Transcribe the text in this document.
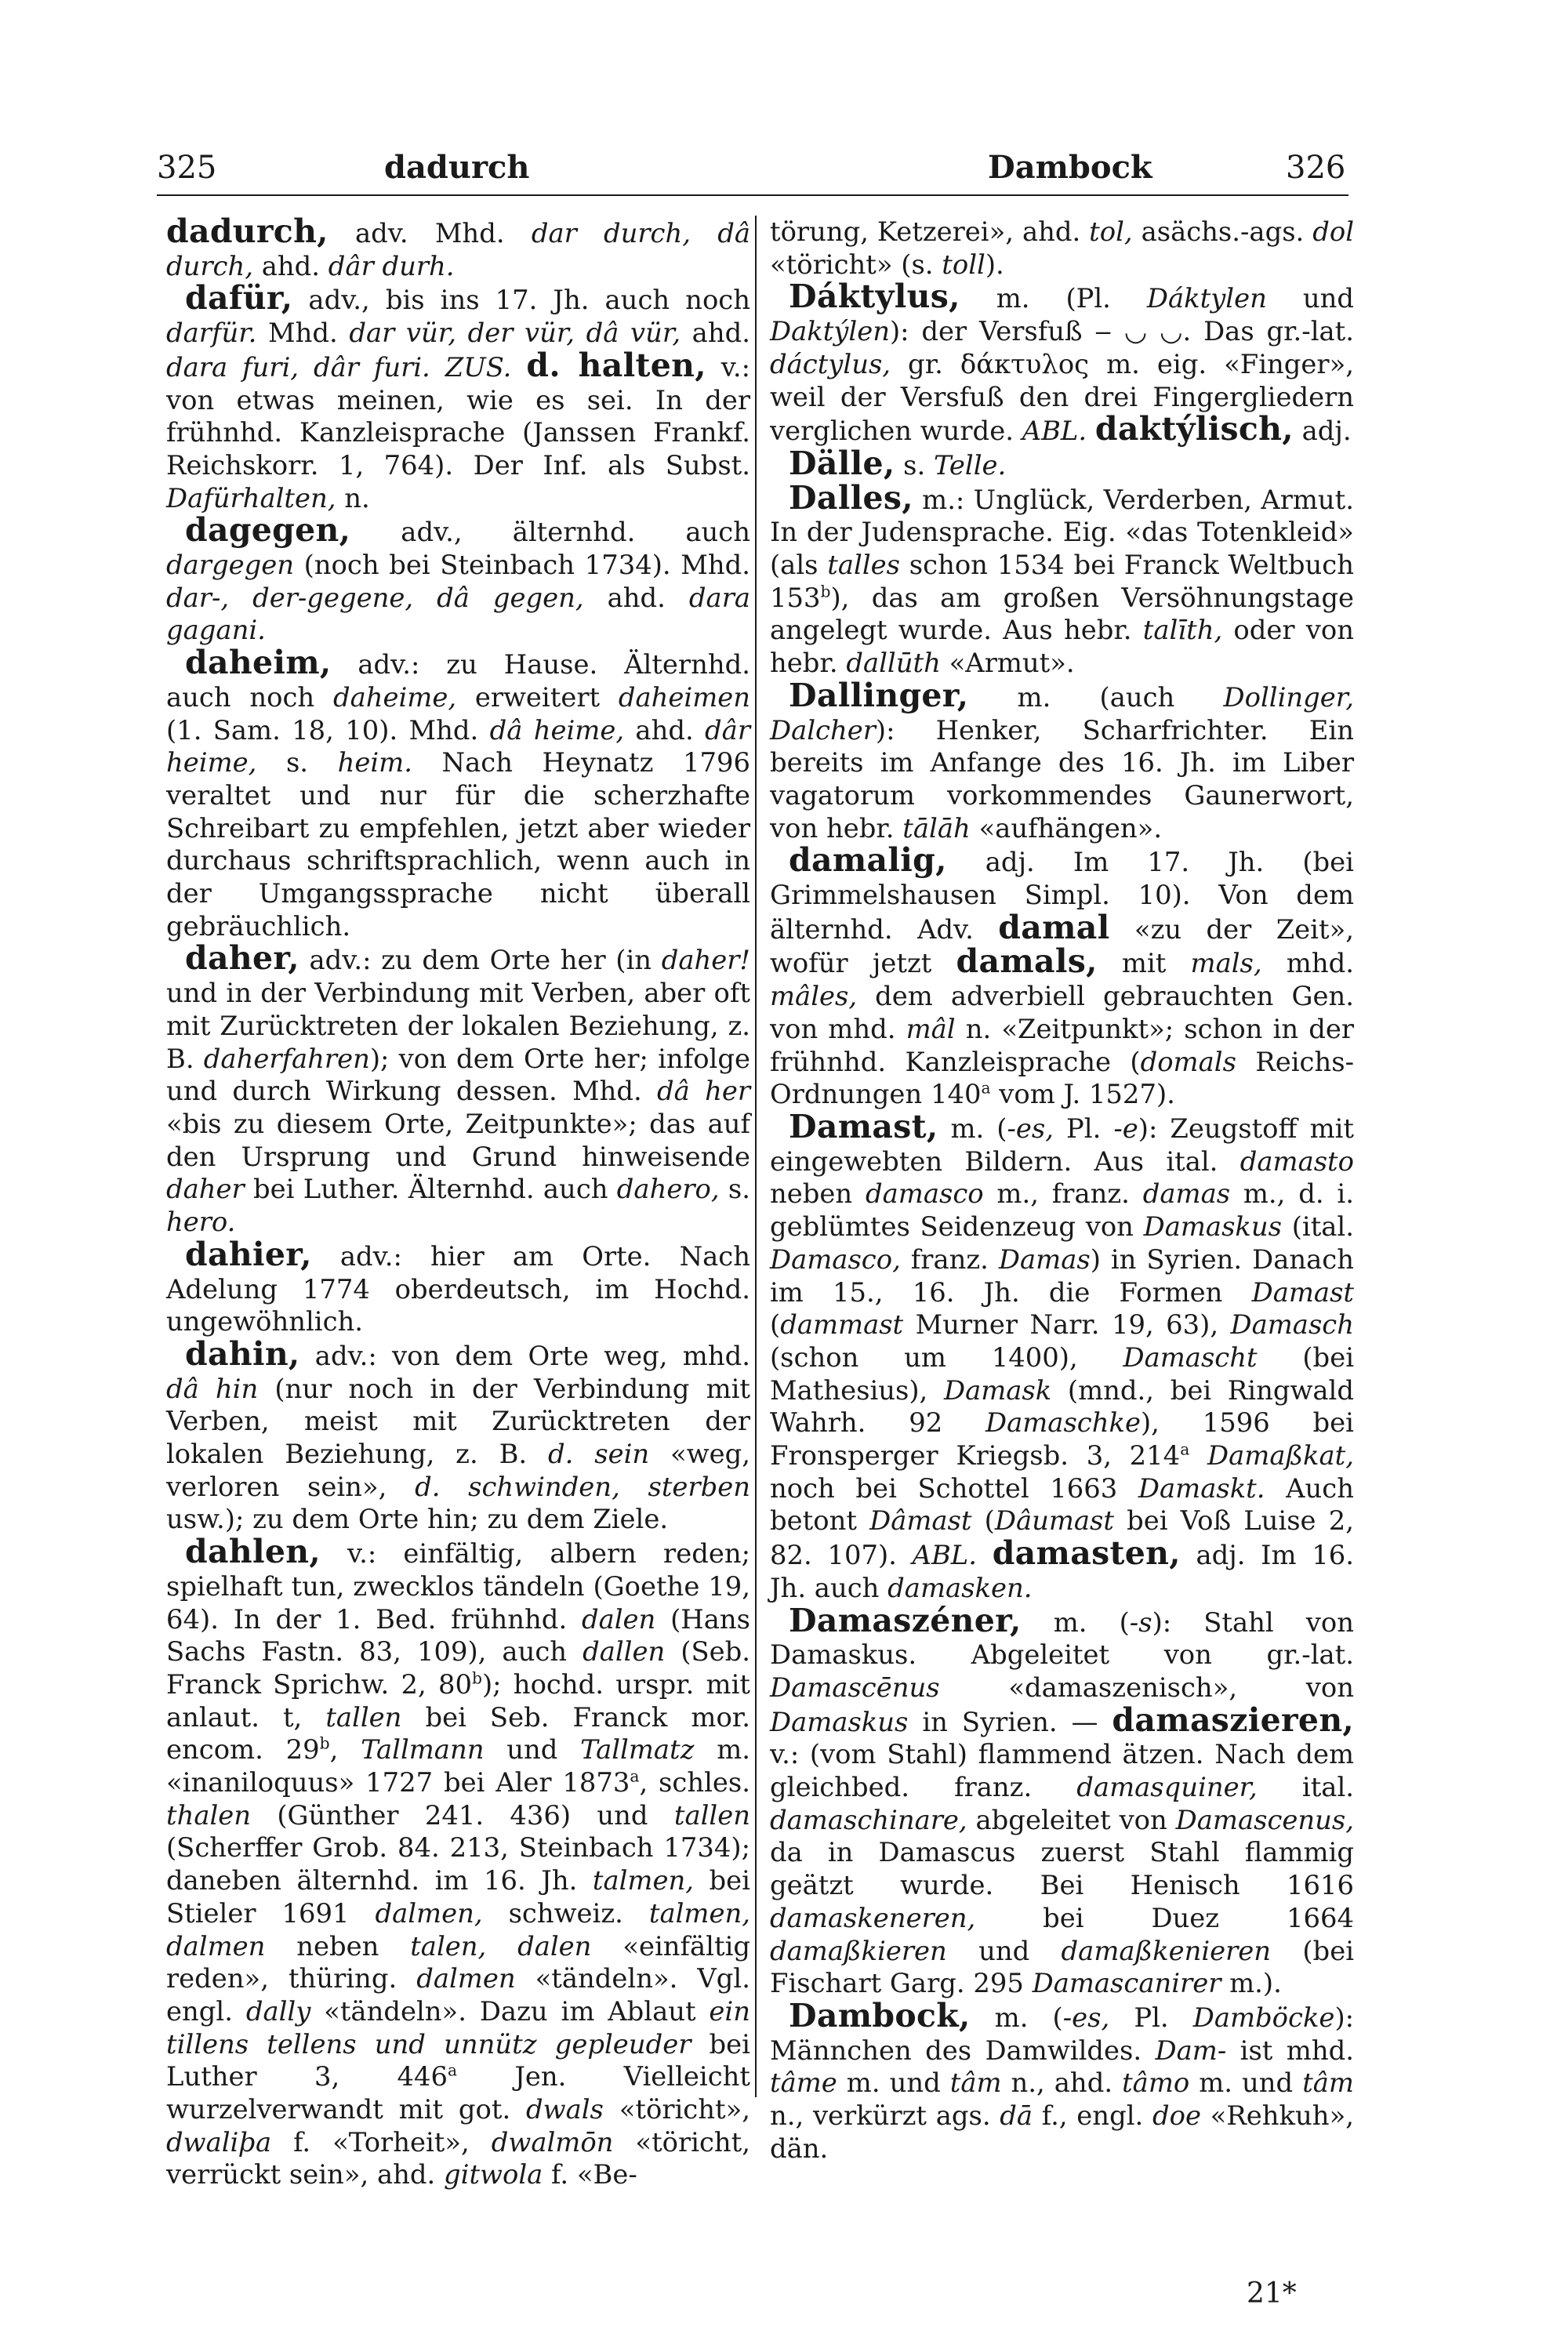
325	dadurch	Dambock	326

dadurch, adv. Mhd. dar durch, dâ durch, ahd. dâr durh.

dafür, adv., bis ins 17. Jh. auch noch darfür. Mhd. dar vür, der vür, dâ vür, ahd. dara furi, dâr furi. ZUS. d. halten, v.: von etwas meinen, wie es sei. In der frühnhd. Kanzleisprache (Janssen Frankf. Reichskorr. 1, 764). Der Inf. als Subst. Dafürhalten, n.

dagegen, adv., älternhd. auch dargegen (noch bei Steinbach 1734). Mhd. dar-, der-gegene, dâ gegen, ahd. dara gagani.

daheim, adv.: zu Hause. Älternhd. auch noch daheime, erweitert daheimen (1. Sam. 18, 10). Mhd. dâ heime, ahd. dâr heime, s. heim. Nach Heynatz 1796 veraltet und nur für die scherzhafte Schreibart zu empfehlen, jetzt aber wieder durchaus schriftsprachlich, wenn auch in der Umgangssprache nicht überall gebräuchlich.

daher, adv.: zu dem Orte her (in daher! und in der Verbindung mit Verben, aber oft mit Zurücktreten der lokalen Beziehung, z. B. daherfahren); von dem Orte her; infolge und durch Wirkung dessen. Mhd. dâ her «bis zu diesem Orte, Zeitpunkte»; das auf den Ursprung und Grund hinweisende daher bei Luther. Älternhd. auch dahero, s. hero.

dahier, adv.: hier am Orte. Nach Adelung 1774 oberdeutsch, im Hochd. ungewöhnlich.

dahin, adv.: von dem Orte weg, mhd. dâ hin (nur noch in der Verbindung mit Verben, meist mit Zurücktreten der lokalen Beziehung, z. B. d. sein «weg, verloren sein», d. schwinden, sterben usw.); zu dem Orte hin; zu dem Ziele.

dahlen, v.: einfältig, albern reden; spielhaft tun, zwecklos tändeln (Goethe 19, 64). In der 1. Bed. frühnhd. dalen (Hans Sachs Fastn. 83, 109), auch dallen (Seb. Franck Sprichw. 2, 80$^b$); hochd. urspr. mit anlaut. t, tallen bei Seb. Franck mor. encom. 29$^b$, Tallmann und Tallmatz m. «inaniloquus» 1727 bei Aler 1873$^a$, schles. thalen (Günther 241. 436) und tallen (Scherffer Grob. 84. 213, Steinbach 1734); daneben älternhd. im 16. Jh. talmen, bei Stieler 1691 dalmen, schweiz. talmen, dalmen neben talen, dalen «einfältig reden», thüring. dalmen «tändeln». Vgl. engl. dally «tändeln». Dazu im Ablaut ein tillens tellens und unnütz gepleuder bei Luther 3, 446$^a$ Jen. Vielleicht wurzelverwandt mit got. dwals «töricht», dwaliþa f. «Torheit», dwalmōn «töricht, verrückt sein», ahd. gitwola f. «Be-

törung, Ketzerei», ahd. tol, asächs.-ags. dol «töricht» (s. toll).

Dáktylus, m. (Pl. Dáktylen und Daktýlen): der Versfuß ‒ ◡ ◡. Das gr.-lat. dáctylus, gr. δάκτυλος m. eig. «Finger», weil der Versfuß den drei Fingergliedern verglichen wurde. ABL. daktýlisch, adj.

Dälle, s. Telle.

Dalles, m.: Unglück, Verderben, Armut. In der Judensprache. Eig. «das Totenkleid» (als talles schon 1534 bei Franck Weltbuch 153$^b$), das am großen Versöhnungstage angelegt wurde. Aus hebr. talīth, oder von hebr. dallūth «Armut».

Dallinger, m. (auch Dollinger, Dalcher): Henker, Scharfrichter. Ein bereits im Anfange des 16. Jh. im Liber vagatorum vorkommendes Gaunerwort, von hebr. tālāh «aufhängen».

damalig, adj. Im 17. Jh. (bei Grimmelshausen Simpl. 10). Von dem älternhd. Adv. damal «zu der Zeit», wofür jetzt damals, mit mals, mhd. mâles, dem adverbiell gebrauchten Gen. von mhd. mâl n. «Zeitpunkt»; schon in der frühnhd. Kanzleisprache (domals Reichs-Ordnungen 140$^a$ vom J. 1527).

Damast, m. (-es, Pl. -e): Zeugstoff mit eingewebten Bildern. Aus ital. damasto neben damasco m., franz. damas m., d. i. geblümtes Seidenzeug von Damaskus (ital. Damasco, franz. Damas) in Syrien. Danach im 15., 16. Jh. die Formen Damast (dammast Murner Narr. 19, 63), Damasch (schon um 1400), Damascht (bei Mathesius), Damask (mnd., bei Ringwald Wahrh. 92 Damaschke), 1596 bei Fronsperger Kriegsb. 3, 214$^a$ Damaßkat, noch bei Schottel 1663 Damaskt. Auch betont Dâmast (Dâumast bei Voß Luise 2, 82. 107). ABL. damasten, adj. Im 16. Jh. auch damasken.

Damaszéner, m. (-s): Stahl von Damaskus. Abgeleitet von gr.-lat. Damascēnus «damaszenisch», von Damaskus in Syrien. — damaszieren, v.: (vom Stahl) flammend ätzen. Nach dem gleichbed. franz. damasquiner, ital. damaschinare, abgeleitet von Damascenus, da in Damascus zuerst Stahl flammig geätzt wurde. Bei Henisch 1616 damaskeneren, bei Duez 1664 damaßkieren und damaßkenieren (bei Fischart Garg. 295 Damascanirer m.).

Dambock, m. (-es, Pl. Damböcke): Männchen des Damwildes. Dam- ist mhd. tâme m. und tâm n., ahd. tâmo m. und tâm n., verkürzt ags. dā f., engl. doe «Rehkuh», dän.

21*
